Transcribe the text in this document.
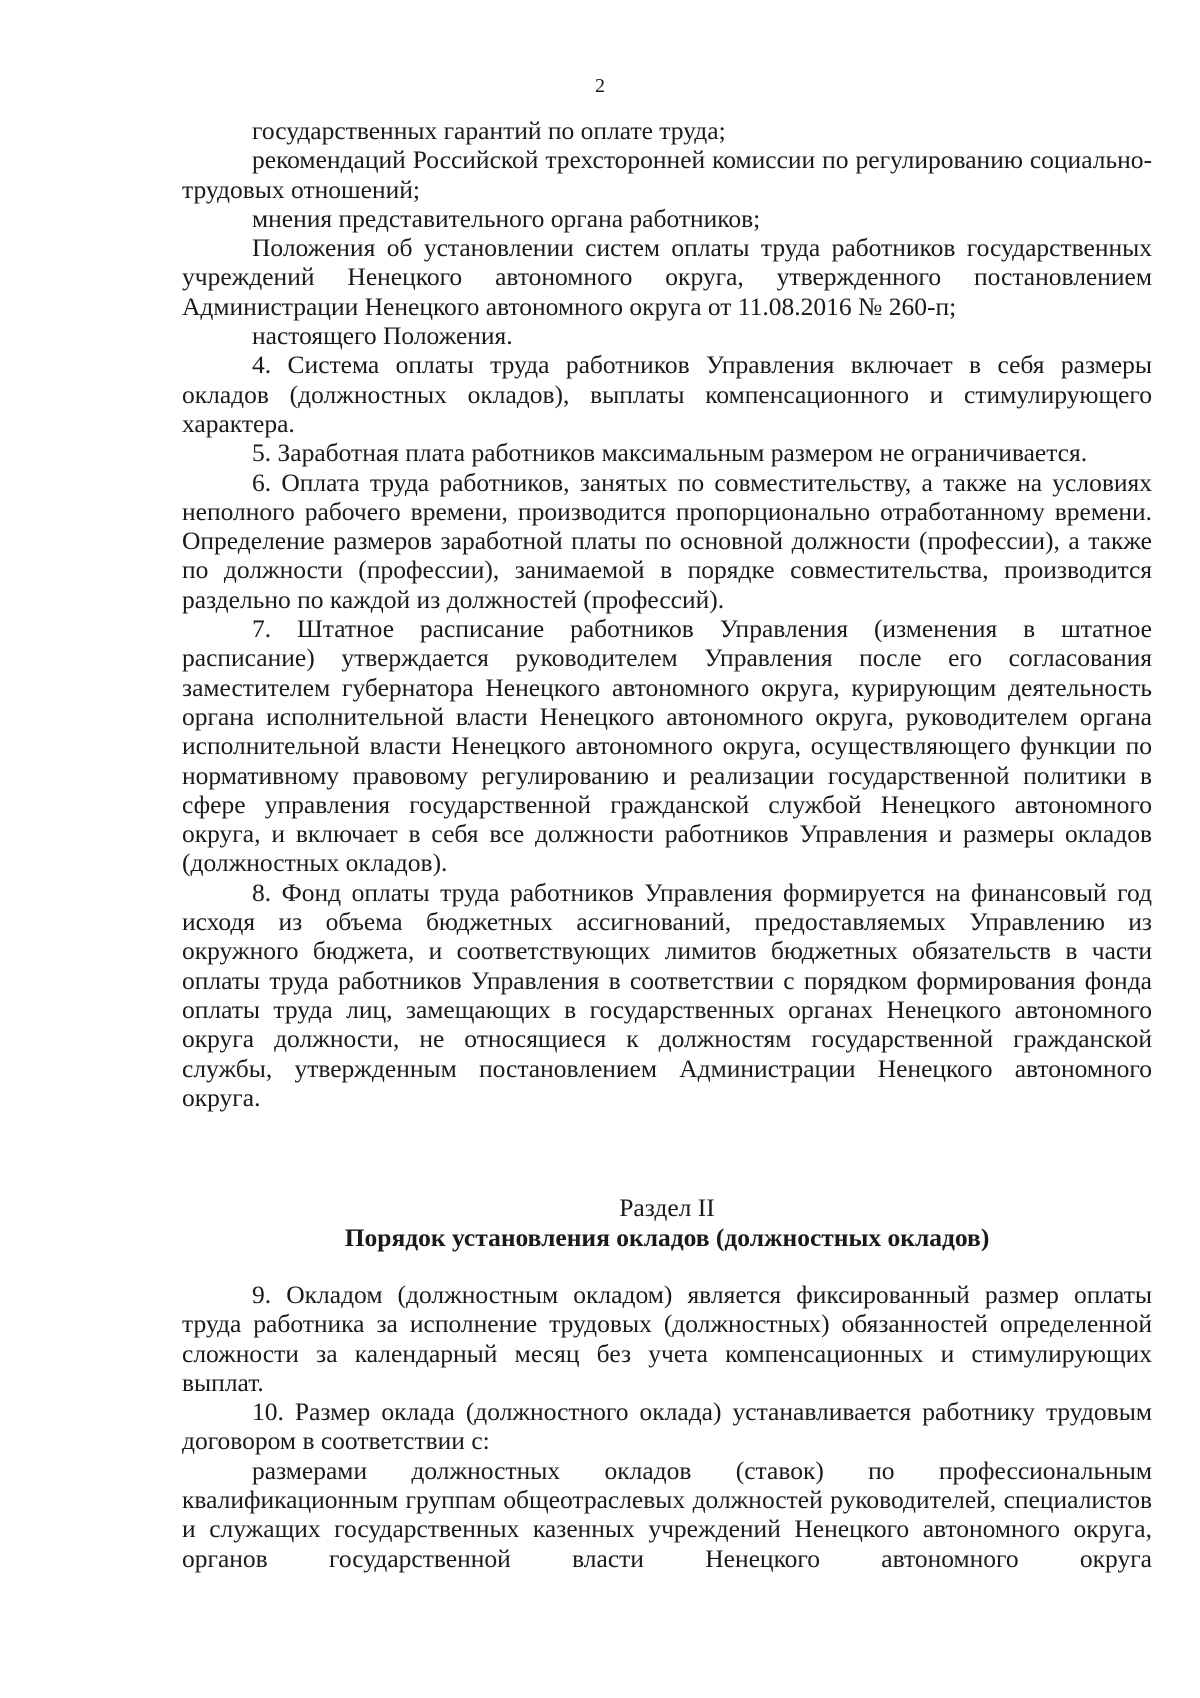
2

государственных гарантий по оплате труда;

рекомендаций Российской трехсторонней комиссии по регулированию социально-трудовых отношений;

мнения представительного органа работников;

Положения об установлении систем оплаты труда работников государственных учреждений Ненецкого автономного округа, утвержденного постановлением Администрации Ненецкого автономного округа от 11.08.2016 № 260-п;

настоящего Положения.

4. Система оплаты труда работников Управления включает в себя размеры окладов (должностных окладов), выплаты компенсационного и стимулирующего характера.

5. Заработная плата работников максимальным размером не ограничивается.

6. Оплата труда работников, занятых по совместительству, а также на условиях неполного рабочего времени, производится пропорционально отработанному времени. Определение размеров заработной платы по основной должности (профессии), а также по должности (профессии), занимаемой в порядке совместительства, производится раздельно по каждой из должностей (профессий).

7. Штатное расписание работников Управления (изменения в штатное расписание) утверждается руководителем Управления после его согласования заместителем губернатора Ненецкого автономного округа, курирующим деятельность органа исполнительной власти Ненецкого автономного округа, руководителем органа исполнительной власти Ненецкого автономного округа, осуществляющего функции по нормативному правовому регулированию и реализации государственной политики в сфере управления государственной гражданской службой Ненецкого автономного округа, и включает в себя все должности работников Управления и размеры окладов (должностных окладов).

8. Фонд оплаты труда работников Управления формируется на финансовый год исходя из объема бюджетных ассигнований, предоставляемых Управлению из окружного бюджета, и соответствующих лимитов бюджетных обязательств в части оплаты труда работников Управления в соответствии с порядком формирования фонда оплаты труда лиц, замещающих в государственных органах Ненецкого автономного округа должности, не относящиеся к должностям государственной гражданской службы, утвержденным постановлением Администрации Ненецкого автономного округа.

Раздел II
Порядок установления окладов (должностных окладов)

9. Окладом (должностным окладом) является фиксированный размер оплаты труда работника за исполнение трудовых (должностных) обязанностей определенной сложности за календарный месяц без учета компенсационных и стимулирующих выплат.

10. Размер оклада (должностного оклада) устанавливается работнику трудовым договором в соответствии с:

размерами должностных окладов (ставок) по профессиональным квалификационным группам общеотраслевых должностей руководителей, специалистов и служащих государственных казенных учреждений Ненецкого автономного округа, органов государственной власти Ненецкого автономного округа
